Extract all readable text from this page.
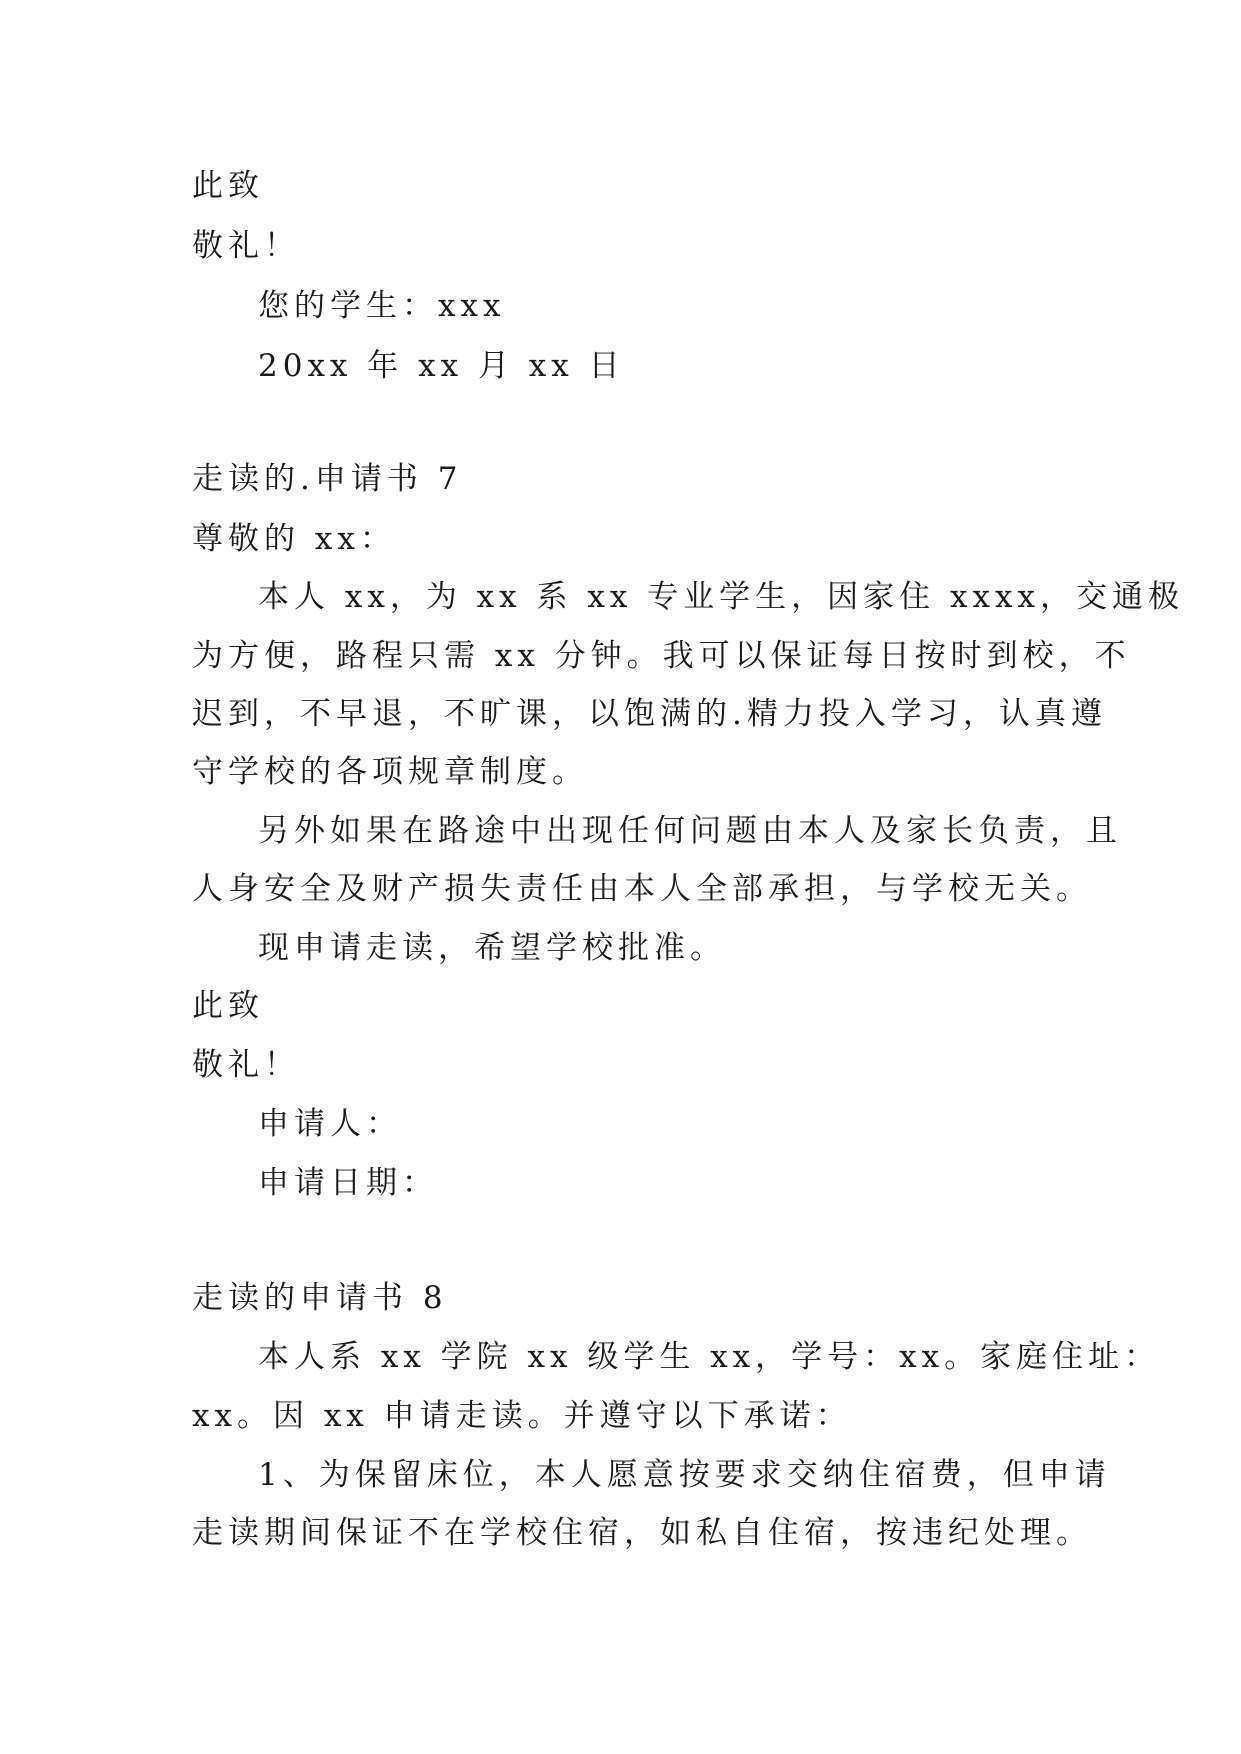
此致
敬礼！
您的学生：xxx
20xx 年 xx 月 xx 日
走读的.申请书 7
尊敬的 xx：
本人 xx，为 xx 系 xx 专业学生，因家住 xxxx，交通极
为方便，路程只需 xx 分钟。我可以保证每日按时到校，不
迟到，不早退，不旷课，以饱满的.精力投入学习，认真遵
守学校的各项规章制度。
另外如果在路途中出现任何问题由本人及家长负责，且
人身安全及财产损失责任由本人全部承担，与学校无关。
现申请走读，希望学校批准。
此致
敬礼！
申请人：
申请日期：
走读的申请书 8
本人系 xx 学院 xx 级学生 xx，学号：xx。家庭住址：
xx。因 xx 申请走读。并遵守以下承诺：
1、为保留床位，本人愿意按要求交纳住宿费，但申请
走读期间保证不在学校住宿，如私自住宿，按违纪处理。
